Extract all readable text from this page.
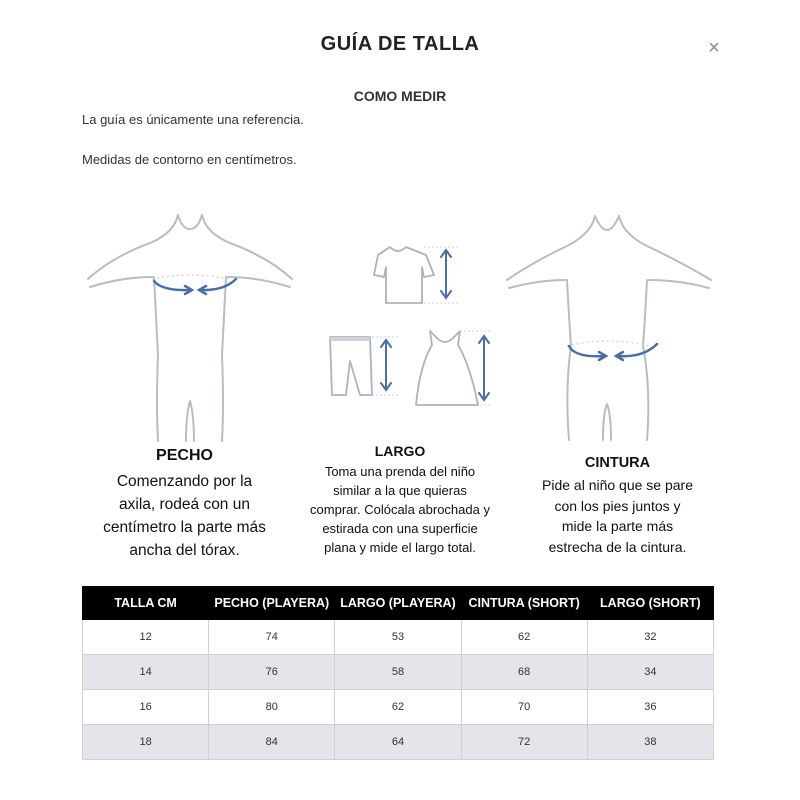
GUÍA DE TALLA	×
COMO MEDIR
La guía es únicamente una referencia.
Medidas de contorno en centímetros.
PECHO
Comenzando por la
axila, rodeá con un
centímetro la parte más
ancha del tórax.
LARGO
Toma una prenda del niño
similar a la que quieras
comprar. Colócala abrochada y
estirada con una superficie
plana y mide el largo total.
CINTURA
Pide al niño que se pare
con los pies juntos y
mide la parte más
estrecha de la cintura.
TALLA CM	PECHO (PLAYERA)	LARGO (PLAYERA)	CINTURA (SHORT)	LARGO (SHORT)
12	74	53	62	32
14	76	58	68	34
16	80	62	70	36
18	84	64	72	38
